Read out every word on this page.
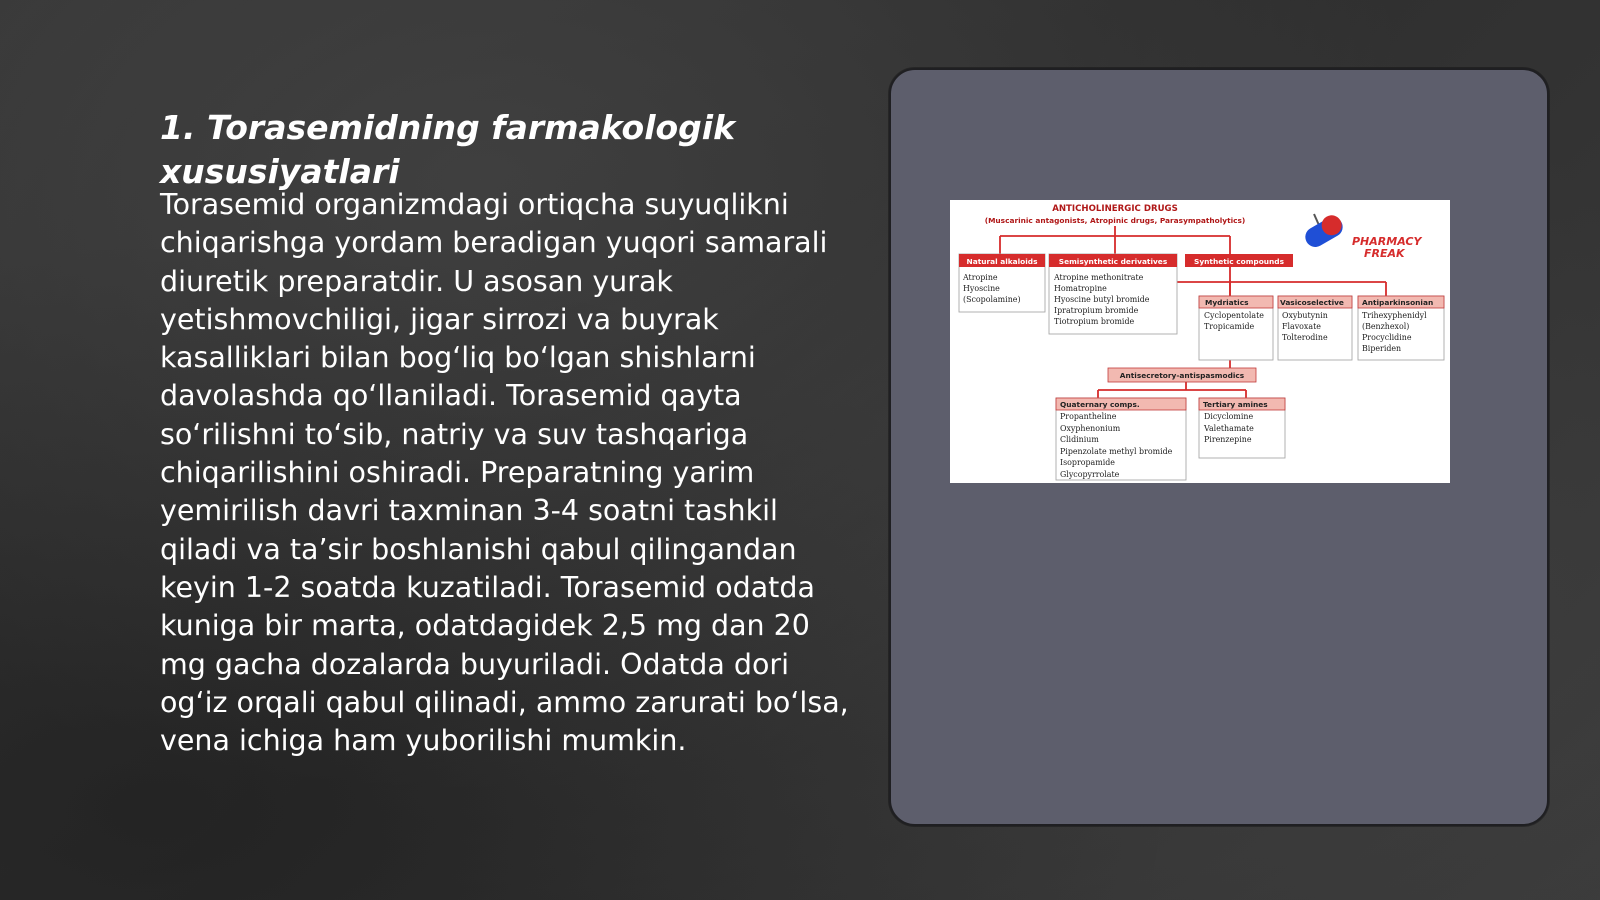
1. Torasemidning farmakologik xususiyatlari

Torasemid organizmdagi ortiqcha suyuqlikni chiqarishga yordam beradigan yuqori samarali diuretik preparatdir. U asosan yurak yetishmovchiligi, jigar sirrozi va buyrak kasalliklari bilan bog‘liq bo‘lgan shishlarni davolashda qo‘llaniladi. Torasemid qayta so‘rilishni to‘sib, natriy va suv tashqariga chiqarilishini oshiradi. Preparatning yarim yemirilish davri taxminan 3-4 soatni tashkil qiladi va ta’sir boshlanishi qabul qilingandan keyin 1-2 soatda kuzatiladi. Torasemid odatda kuniga bir marta, odatdagidek 2,5 mg dan 20 mg gacha dozalarda buyuriladi. Odatda dori og‘iz orqali qabul qilinadi, ammo zarurati bo‘lsa, vena ichiga ham yuborilishi mumkin.

ANTICHOLINERGIC DRUGS
(Muscarinic antagonists, Atropinic drugs, Parasympatholytics)
PHARMACY
FREAK
Natural alkaloids
Atropine
Hyoscine
(Scopolamine)
Semisynthetic derivatives
Atropine methonitrate
Homatropine
Hyoscine butyl bromide
Ipratropium bromide
Tiotropium bromide
Synthetic compounds
Mydriatics
Cyclopentolate
Tropicamide
Vasicoselective
Oxybutynin
Flavoxate
Tolterodine
Antiparkinsonian
Trihexyphenidyl
(Benzhexol)
Procyclidine
Biperiden
Antisecretory-antispasmodics
Quaternary comps.
Propantheline
Oxyphenonium
Clidinium
Pipenzolate methyl bromide
Isopropamide
Glycopyrrolate
Tertiary amines
Dicyclomine
Valethamate
Pirenzepine
